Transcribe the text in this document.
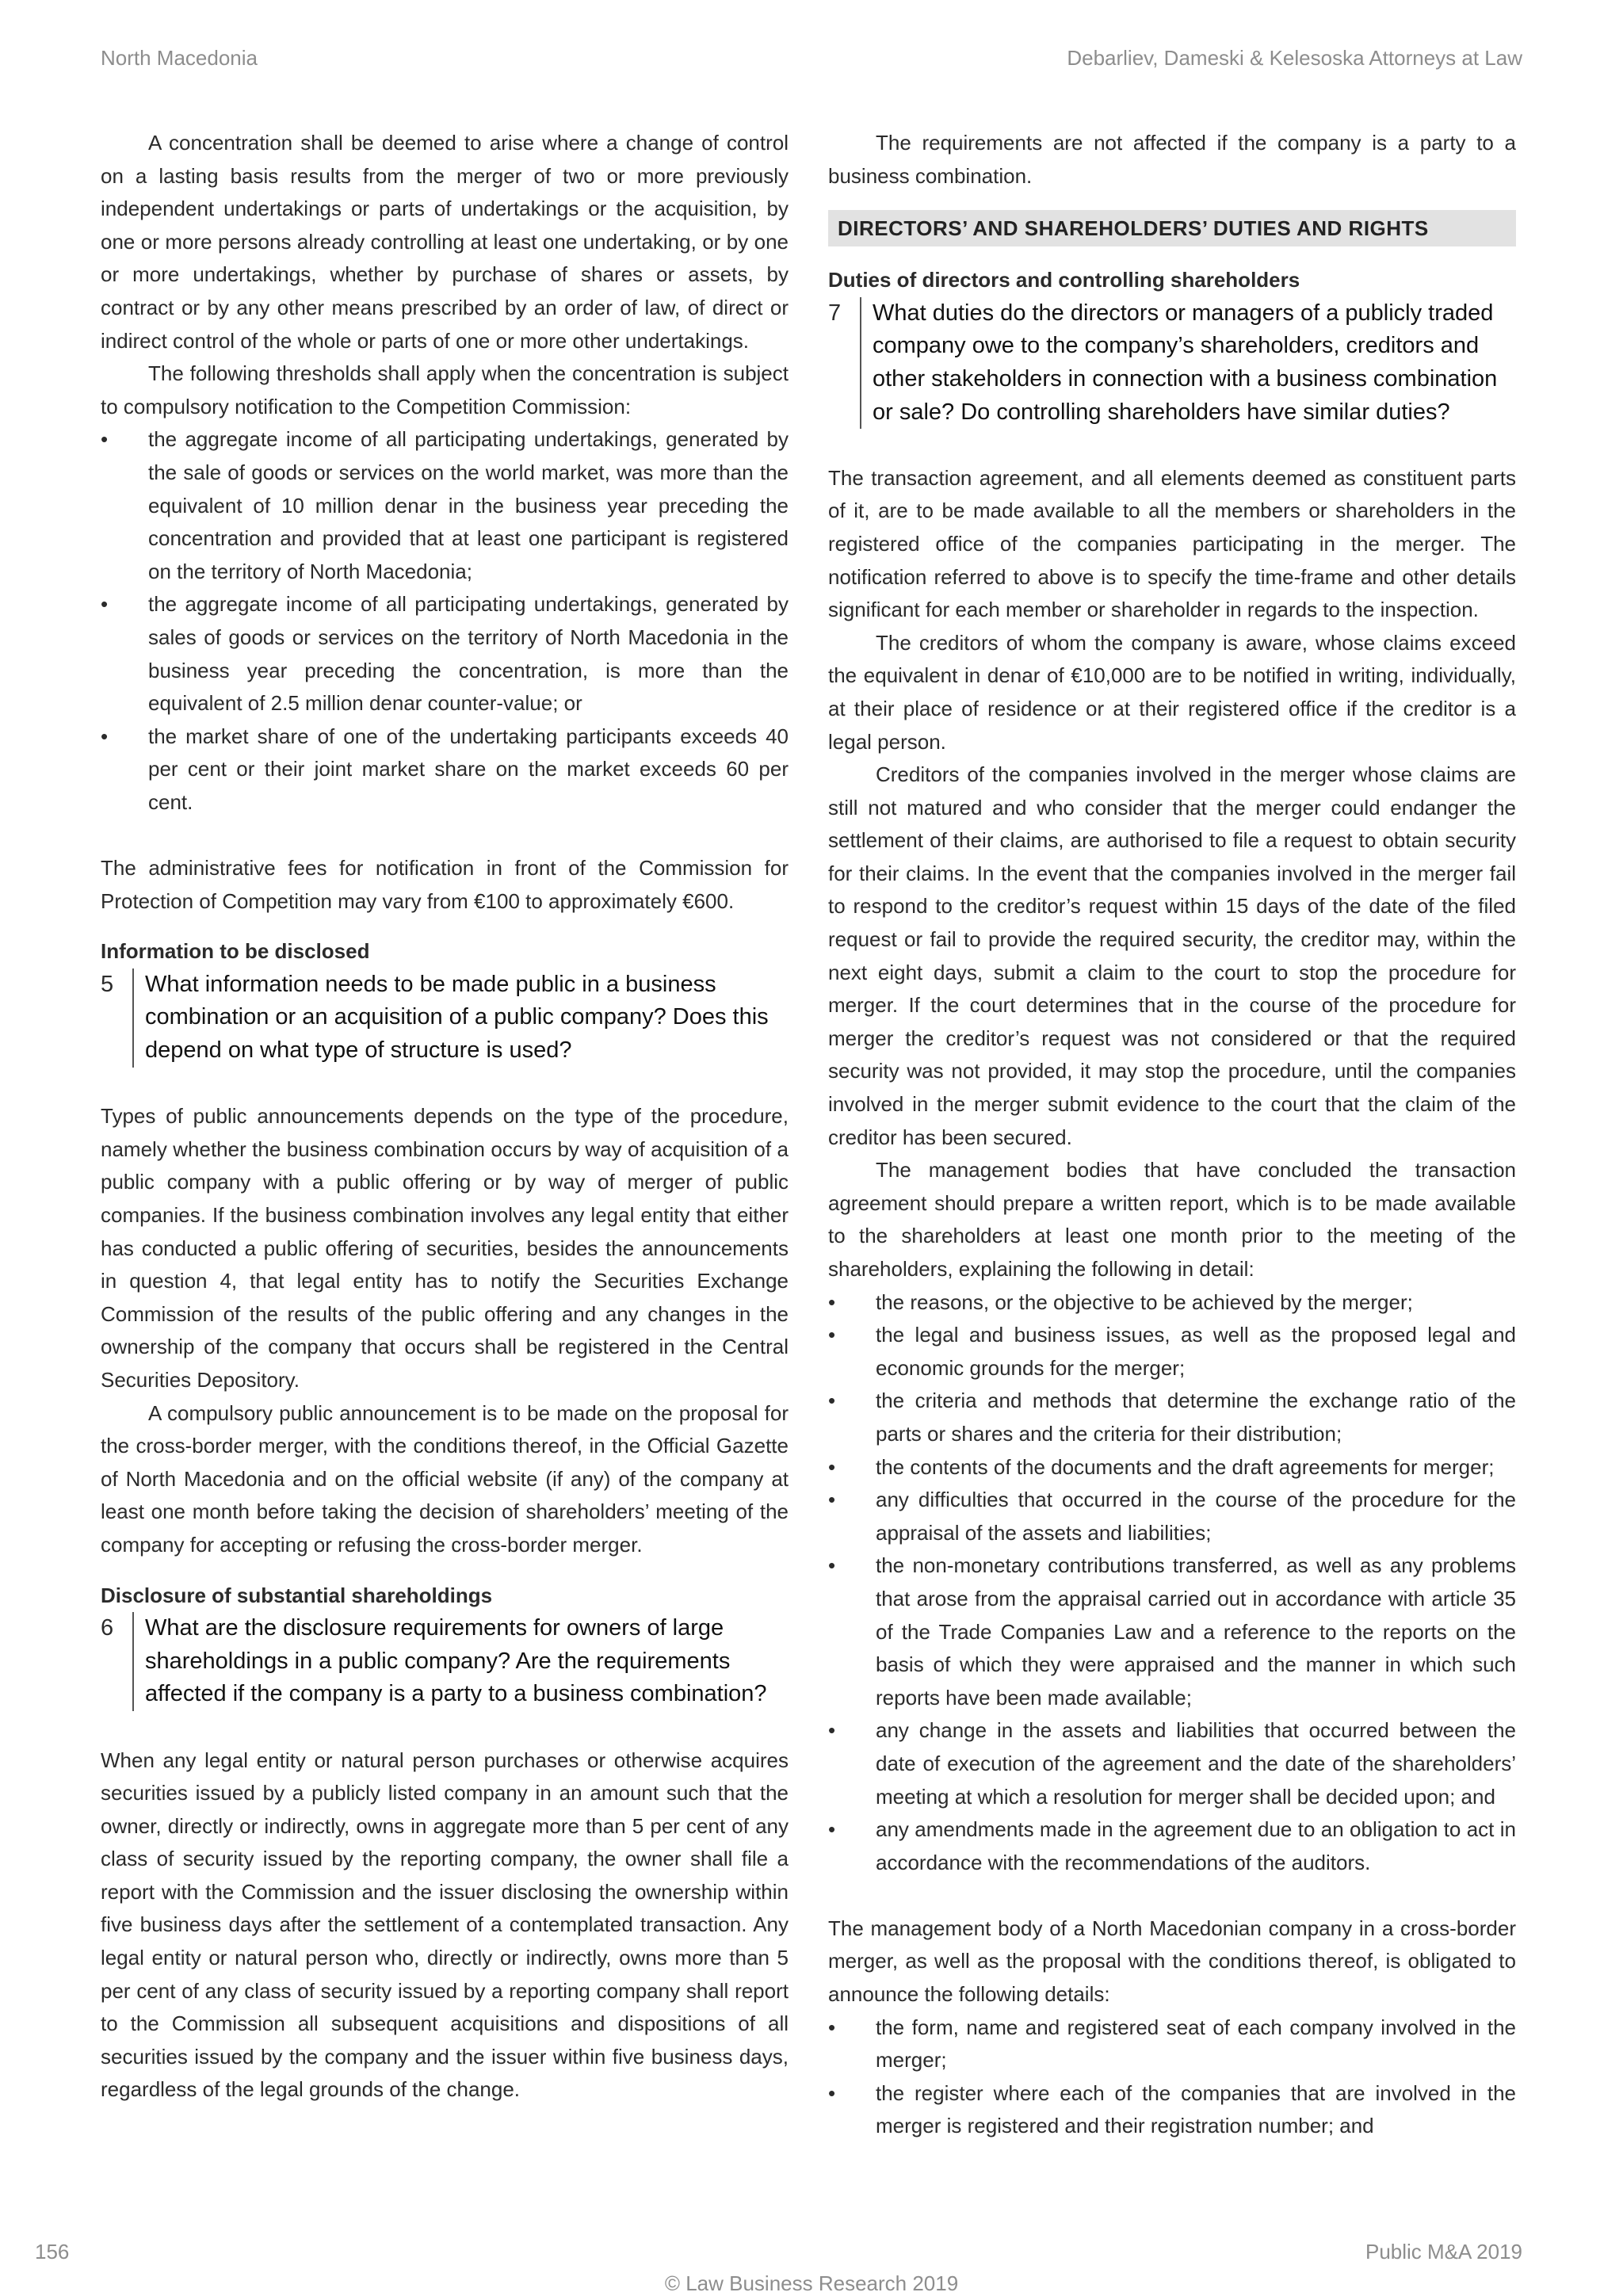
North Macedonia	Debarliev, Dameski & Kelesoska Attorneys at Law

A concentration shall be deemed to arise where a change of control on a lasting basis results from the merger of two or more previously independent undertakings or parts of undertakings or the acquisition, by one or more persons already controlling at least one undertaking, or by one or more undertakings, whether by purchase of shares or assets, by contract or by any other means prescribed by an order of law, of direct or indirect control of the whole or parts of one or more other undertakings.

The following thresholds shall apply when the concentration is subject to compulsory notification to the Competition Commission:

•	the aggregate income of all participating undertakings, generated by the sale of goods or services on the world market, was more than the equivalent of 10 million denar in the business year preceding the concentration and provided that at least one participant is registered on the territory of North Macedonia;
•	the aggregate income of all participating undertakings, generated by sales of goods or services on the territory of North Macedonia in the business year preceding the concentration, is more than the equivalent of 2.5 million denar counter-value; or
•	the market share of one of the undertaking participants exceeds 40 per cent or their joint market share on the market exceeds 60 per cent.

The administrative fees for notification in front of the Commission for Protection of Competition may vary from €100 to approximately €600.

Information to be disclosed

5	What information needs to be made public in a business combination or an acquisition of a public company? Does this depend on what type of structure is used?

Types of public announcements depends on the type of the procedure, namely whether the business combination occurs by way of acquisition of a public company with a public offering or by way of merger of public companies. If the business combination involves any legal entity that either has conducted a public offering of securities, besides the announcements in question 4, that legal entity has to notify the Securities Exchange Commission of the results of the public offering and any changes in the ownership of the company that occurs shall be registered in the Central Securities Depository.

A compulsory public announcement is to be made on the proposal for the cross-border merger, with the conditions thereof, in the Official Gazette of North Macedonia and on the official website (if any) of the company at least one month before taking the decision of shareholders’ meeting of the company for accepting or refusing the cross-border merger.

Disclosure of substantial shareholdings

6	What are the disclosure requirements for owners of large shareholdings in a public company? Are the requirements affected if the company is a party to a business combination?

When any legal entity or natural person purchases or otherwise acquires securities issued by a publicly listed company in an amount such that the owner, directly or indirectly, owns in aggregate more than 5 per cent of any class of security issued by the reporting company, the owner shall file a report with the Commission and the issuer disclosing the ownership within five business days after the settlement of a contemplated transaction. Any legal entity or natural person who, directly or indirectly, owns more than 5 per cent of any class of security issued by a reporting company shall report to the Commission all subsequent acquisitions and dispositions of all securities issued by the company and the issuer within five business days, regardless of the legal grounds of the change.

The requirements are not affected if the company is a party to a business combination.

DIRECTORS’ AND SHAREHOLDERS’ DUTIES AND RIGHTS

Duties of directors and controlling shareholders

7	What duties do the directors or managers of a publicly traded company owe to the company’s shareholders, creditors and other stakeholders in connection with a business combination or sale? Do controlling shareholders have similar duties?

The transaction agreement, and all elements deemed as constituent parts of it, are to be made available to all the members or shareholders in the registered office of the companies participating in the merger. The notification referred to above is to specify the time-frame and other details significant for each member or shareholder in regards to the inspection.

The creditors of whom the company is aware, whose claims exceed the equivalent in denar of €10,000 are to be notified in writing, individually, at their place of residence or at their registered office if the creditor is a legal person.

Creditors of the companies involved in the merger whose claims are still not matured and who consider that the merger could endanger the settlement of their claims, are authorised to file a request to obtain security for their claims. In the event that the companies involved in the merger fail to respond to the creditor’s request within 15 days of the date of the filed request or fail to provide the required security, the creditor may, within the next eight days, submit a claim to the court to stop the procedure for merger. If the court determines that in the course of the procedure for merger the creditor’s request was not considered or that the required security was not provided, it may stop the procedure, until the companies involved in the merger submit evidence to the court that the claim of the creditor has been secured.

The management bodies that have concluded the transaction agreement should prepare a written report, which is to be made available to the shareholders at least one month prior to the meeting of the shareholders, explaining the following in detail:

•	the reasons, or the objective to be achieved by the merger;
•	the legal and business issues, as well as the proposed legal and economic grounds for the merger;
•	the criteria and methods that determine the exchange ratio of the parts or shares and the criteria for their distribution;
•	the contents of the documents and the draft agreements for merger;
•	any difficulties that occurred in the course of the procedure for the appraisal of the assets and liabilities;
•	the non-monetary contributions transferred, as well as any problems that arose from the appraisal carried out in accordance with article 35 of the Trade Companies Law and a reference to the reports on the basis of which they were appraised and the manner in which such reports have been made available;
•	any change in the assets and liabilities that occurred between the date of execution of the agreement and the date of the shareholders’ meeting at which a resolution for merger shall be decided upon; and
•	any amendments made in the agreement due to an obligation to act in accordance with the recommendations of the auditors.

The management body of a North Macedonian company in a cross-border merger, as well as the proposal with the conditions thereof, is obligated to announce the following details:

•	the form, name and registered seat of each company involved in the merger;
•	the register where each of the companies that are involved in the merger is registered and their registration number; and
156	Public M&A 2019
© Law Business Research 2019
